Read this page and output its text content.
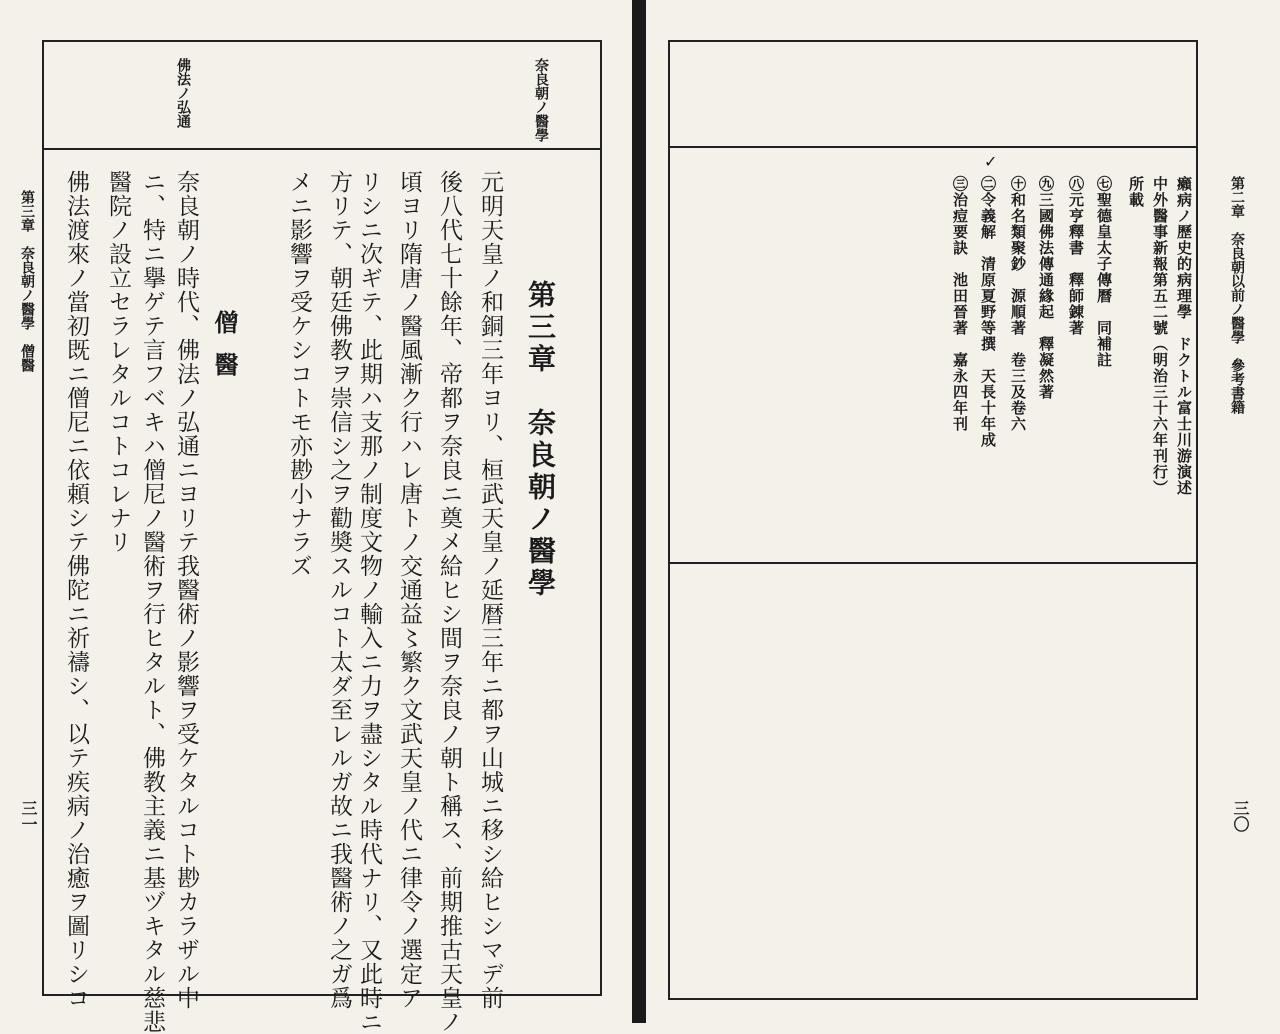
奈良朝ノ醫學
佛法ノ弘通
第三章　奈良朝ノ醫學
元明天皇ノ和銅三年ヨリ、桓武天皇ノ延暦三年ニ都ヲ山城ニ移シ給ヒシマデ前
後八代七十餘年、帝都ヲ奈良ニ奠メ給ヒシ間ヲ奈良ノ朝ト稱ス、前期推古天皇ノ
頃ヨリ隋唐ノ醫風漸ク行ハレ唐トノ交通益〻繁ク文武天皇ノ代ニ律令ノ選定ア
リシニ次ギテ、此期ハ支那ノ制度文物ノ輸入ニ力ヲ盡シタル時代ナリ、又此時ニ
方リテ、朝廷佛教ヲ崇信シ之ヲ勸奬スルコト太ダ至レルガ故ニ我醫術ノ之ガ爲
メニ影響ヲ受ケシコトモ亦尠小ナラズ
僧醫
奈良朝ノ時代、佛法ノ弘通ニヨリテ我醫術ノ影響ヲ受ケタルコト尠カラザル中
ニ、特ニ擧ゲテ言フベキハ僧尼ノ醫術ヲ行ヒタルト、佛教主義ニ基ヅキタル慈悲
醫院ノ設立セラレタルコトコレナリ
佛法渡來ノ當初既ニ僧尼ニ依頼シテ佛陀ニ祈禱シ、以テ疾病ノ治癒ヲ圖リシコ
第三章　奈良朝ノ醫學　僧醫
三一
癩病ノ歷史的病理學　ドクトル富士川游演述
中外醫事新報第五二號（明治三十六年刊行）
所載
㊆聖德皇太子傳曆　同補註
㊇元亨釋書　釋師錬著
㊈三國佛法傳通緣起　釋凝然著
㊉和名類聚鈔　源順著　卷三及卷六
㊁令義解　清原夏野等撰　天長十年成
㊂治痘要訣　池田晉著　嘉永四年刊
✓
第二章　奈良朝以前ノ醫學　參考書籍
三〇
